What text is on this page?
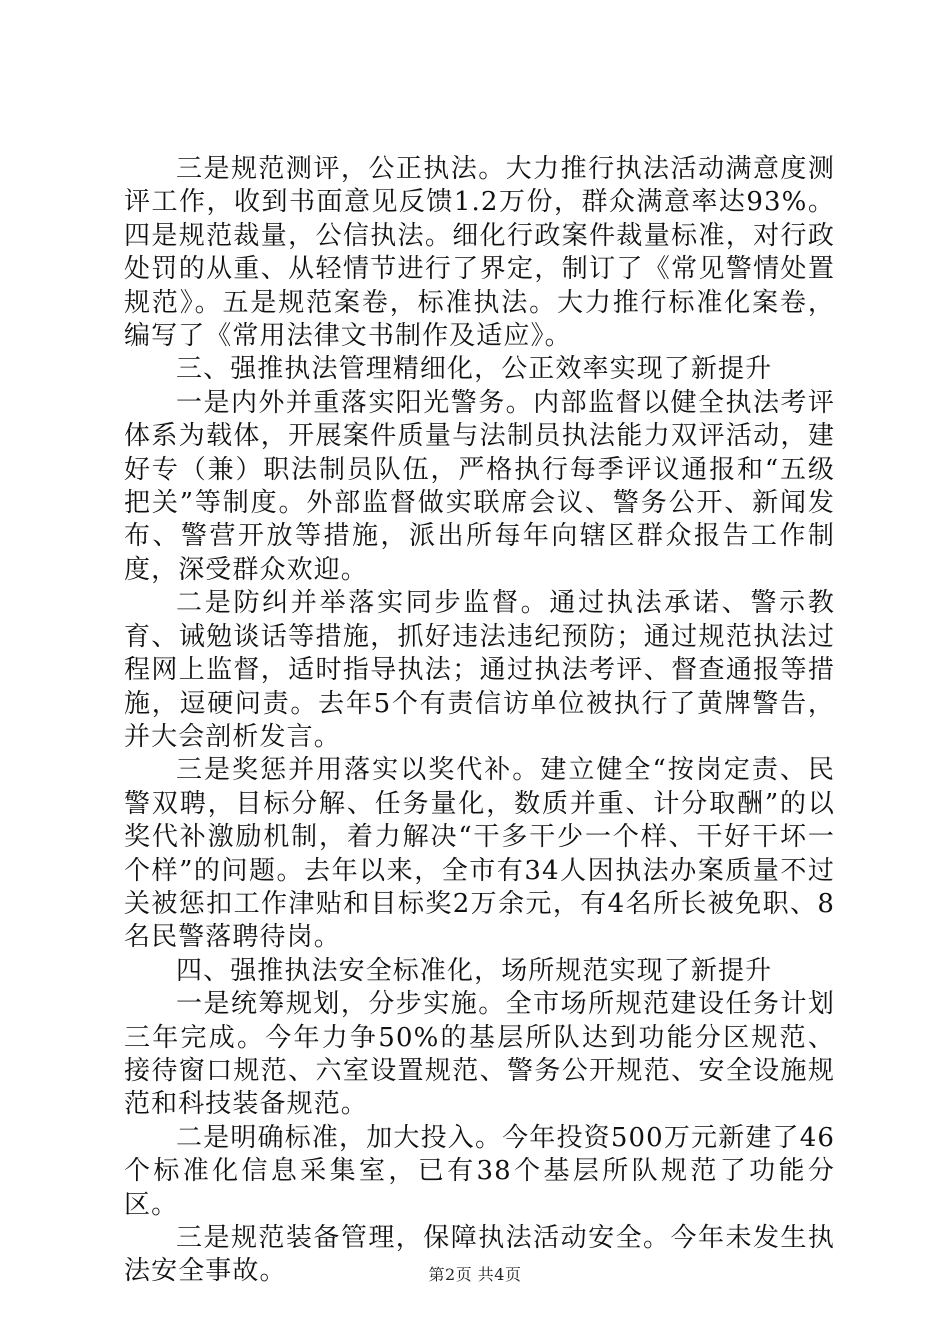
三是规范测评，公正执法。大力推行执法活动满意度测评工作，收到书面意见反馈1.2万份，群众满意率达93%。四是规范裁量，公信执法。细化行政案件裁量标准，对行政处罚的从重、从轻情节进行了界定，制订了《常见警情处置规范》。五是规范案卷，标准执法。大力推行标准化案卷，编写了《常用法律文书制作及适应》。

三、强推执法管理精细化，公正效率实现了新提升

一是内外并重落实阳光警务。内部监督以健全执法考评体系为载体，开展案件质量与法制员执法能力双评活动，建好专（兼）职法制员队伍，严格执行每季评议通报和“五级把关”等制度。外部监督做实联席会议、警务公开、新闻发布、警营开放等措施，派出所每年向辖区群众报告工作制度，深受群众欢迎。

二是防纠并举落实同步监督。通过执法承诺、警示教育、诫勉谈话等措施，抓好违法违纪预防；通过规范执法过程网上监督，适时指导执法；通过执法考评、督查通报等措施，逗硬问责。去年5个有责信访单位被执行了黄牌警告，并大会剖析发言。

三是奖惩并用落实以奖代补。建立健全“按岗定责、民警双聘，目标分解、任务量化，数质并重、计分取酬”的以奖代补激励机制，着力解决“干多干少一个样、干好干坏一个样”的问题。去年以来，全市有34人因执法办案质量不过关被惩扣工作津贴和目标奖2万余元，有4名所长被免职、8名民警落聘待岗。

四、强推执法安全标准化，场所规范实现了新提升

一是统筹规划，分步实施。全市场所规范建设任务计划三年完成。今年力争50%的基层所队达到功能分区规范、接待窗口规范、六室设置规范、警务公开规范、安全设施规范和科技装备规范。

二是明确标准，加大投入。今年投资500万元新建了46个标准化信息采集室，已有38个基层所队规范了功能分区。

三是规范装备管理，保障执法活动安全。今年未发生执法安全事故。	第2页 共4页
